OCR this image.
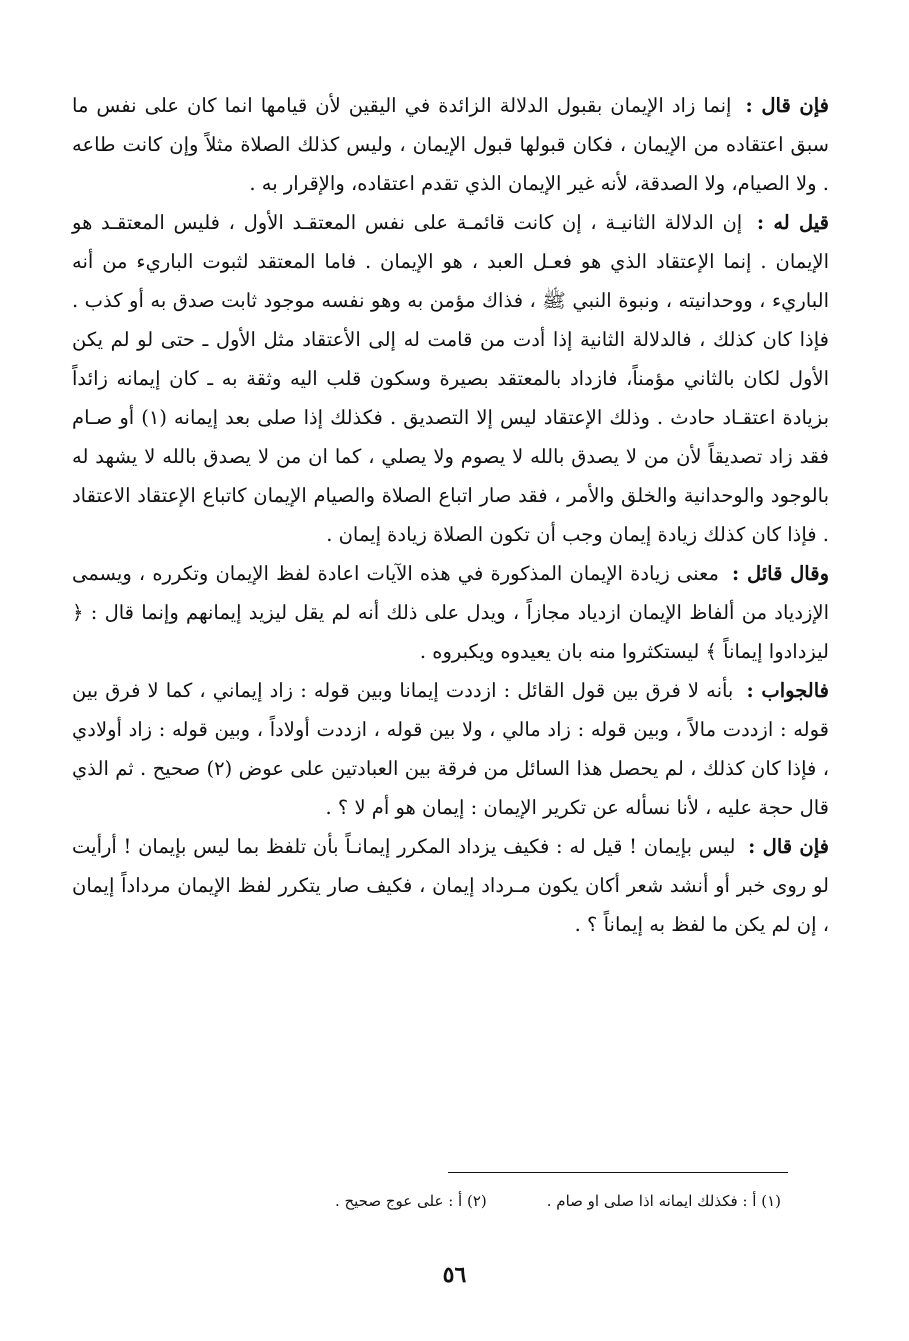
فإن قال : إنما زاد الإيمان بقبول الدلالة الزائدة في اليقين لأن قيامها انما كان على نفس ما سبق اعتقاده من الإيمان ، فكان قبولها قبول الإيمان ، وليس كذلك الصلاة مثلاً وإن كانت طاعه . ولا الصيام، ولا الصدقة، لأنه غير الإيمان الذي تقدم اعتقاده، والإقرار به .

قيل له : إن الدلالة الثانيـة ، إن كانت قائمـة على نفس المعتقـد الأول ، فليس المعتقـد هو الإيمان . إنما الإعتقاد الذي هو فعـل العبد ، هو الإيمان . فاما المعتقد لثبوت الباريء من أنه الباريء ، ووحدانيته ، ونبوة النبي ﷺ ، فذاك مؤمن به وهو نفسه موجود ثابت صدق به أو كذب . فإذا كان كذلك ، فالدلالة الثانية إذا أدت من قامت له إلى الأعتقاد مثل الأول ـ حتى لو لم يكن الأول لكان بالثاني مؤمناً، فازداد بالمعتقد بصيرة وسكون قلب اليه وثقة به ـ كان إيمانه زائداً بزيادة اعتقـاد حادث . وذلك الإعتقاد ليس إلا التصديق . فكذلك إذا صلى بعد إيمانه (١) أو صـام فقد زاد تصديقاً لأن من لا يصدق بالله لا يصوم ولا يصلي ، كما ان من لا يصدق بالله لا يشهد له بالوجود والوحدانية والخلق والأمر ، فقد صار اتباع الصلاة والصيام الإيمان كاتباع الإعتقاد الاعتقاد . فإذا كان كذلك زيادة إيمان وجب أن تكون الصلاة زيادة إيمان .

وقال قائل : معنى زيادة الإيمان المذكورة في هذه الآيات اعادة لفظ الإيمان وتكرره ، ويسمى الإزدياد من ألفاظ الإيمان ازدياد مجازاً ، ويدل على ذلك أنه لم يقل ليزيد إيمانهم وإنما قال : ﴿ ليزدادوا إيماناً ﴾ ليستكثروا منه بان يعيدوه ويكبروه .

فالجواب : بأنه لا فرق بين قول القائل : ازددت إيمانا وبين قوله : زاد إيماني ، كما لا فرق بين قوله : ازددت مالاً ، وبين قوله : زاد مالي ، ولا بين قوله ، ازددت أولاداً ، وبين قوله : زاد أولادي ، فإذا كان كذلك ، لم يحصل هذا السائل من فرقة بين العبادتين على عوض (٢) صحيح . ثم الذي قال حجة عليه ، لأنا نسأله عن تكرير الإيمان : إيمان هو أم لا ؟ .

فإن قال : ليس بإيمان ! قيل له : فكيف يزداد المكرر إيمانـاً بأن تلفظ بما ليس بإيمان ! أرأيت لو روى خبر أو أنشد شعر أكان يكون مـرداد إيمان ، فكيف صار يتكرر لفظ الإيمان مرداداً إيمان ، إن لم يكن ما لفظ به إيماناً ؟ .

(١) أ : فكذلك ايمانه اذا صلى او صام .
(٢) أ : على عوج صحيح .
٥٦
